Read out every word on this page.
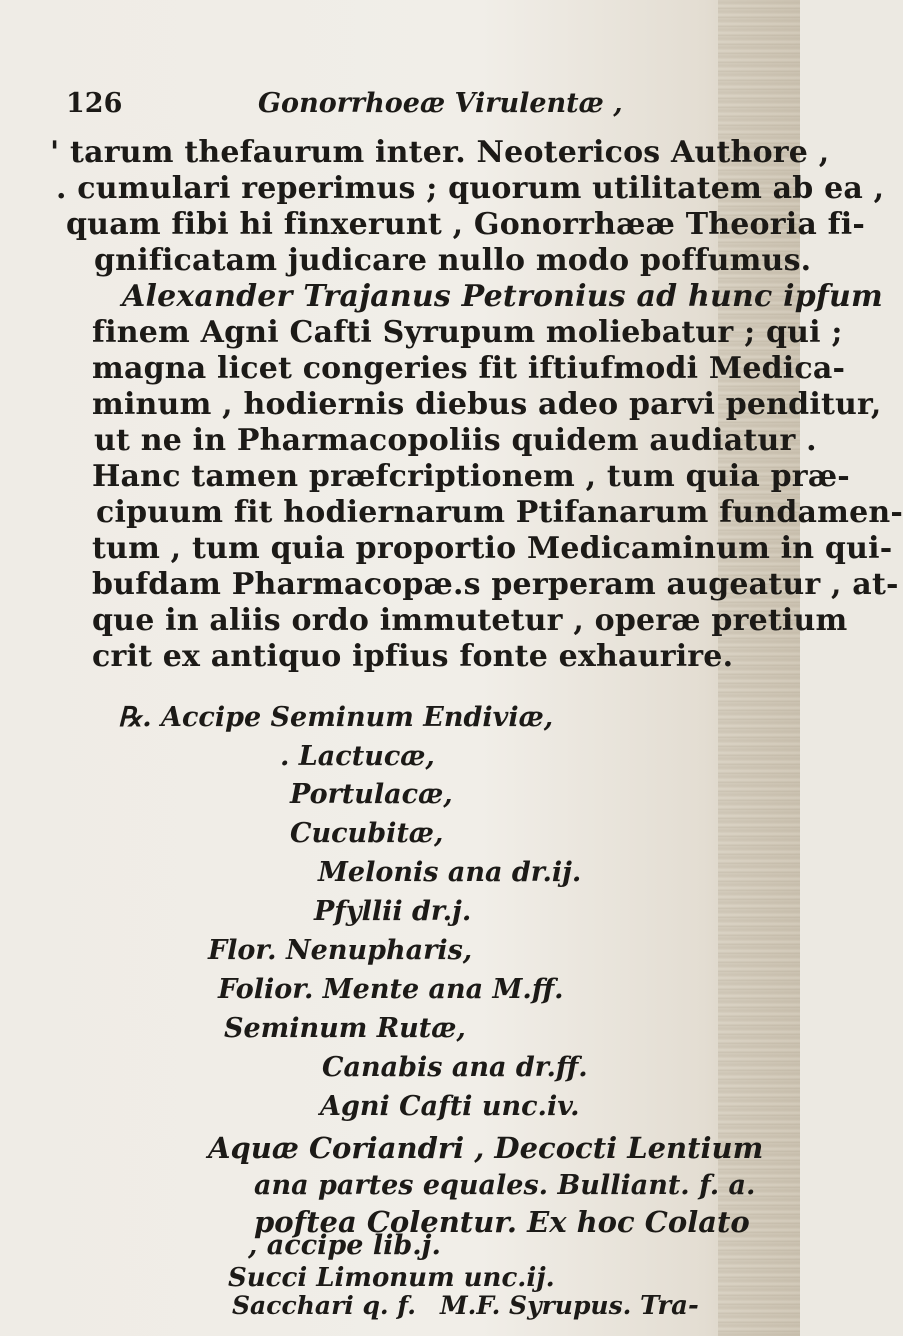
126	Gonorrhoeæ Virulentæ ,
' tarum thefaurum inter. Neotericos Authore ,
. cumulari reperimus ; quorum utilitatem ab ea ,
quam fibi hi finxerunt , Gonorrhææ Theoria fi-
gnificatam judicare nullo modo poffumus.
Alexander Trajanus Petronius ad hunc ipfum
finem Agni Cafti Syrupum moliebatur ; qui ;
magna licet congeries fit iftiufmodi Medica-
minum , hodiernis diebus adeo parvi penditur,
ut ne in Pharmacopoliis quidem audiatur .
Hanc tamen præfcriptionem , tum quia præ-
cipuum fit hodiernarum Ptifanarum fundamen-
tum , tum quia proportio Medicaminum in qui-
bufdam Pharmacopæ.s perperam augeatur , at-
que in aliis ordo immutetur , operæ pretium
crit ex antiquo ipfius fonte exhaurire.
℞. Accipe Seminum Endiviæ,
. Lactucæ,
Portulacæ,
Cucubitæ,
Melonis ana dr.ij.
Pfyllii dr.j.
Flor. Nenupharis,
Folior. Mente ana M.ff.
Seminum Rutæ,
Canabis ana dr.ff.
Agni Cafti unc.iv.
Aquæ Coriandri , Decocti Lentium
ana partes equales. Bulliant. f. a.
poftea Colentur. Ex hoc Colato
, accipe lib.j.
Succi Limonum unc.ij.
Sacchari q. f. M.F. Syrupus. Tra-
